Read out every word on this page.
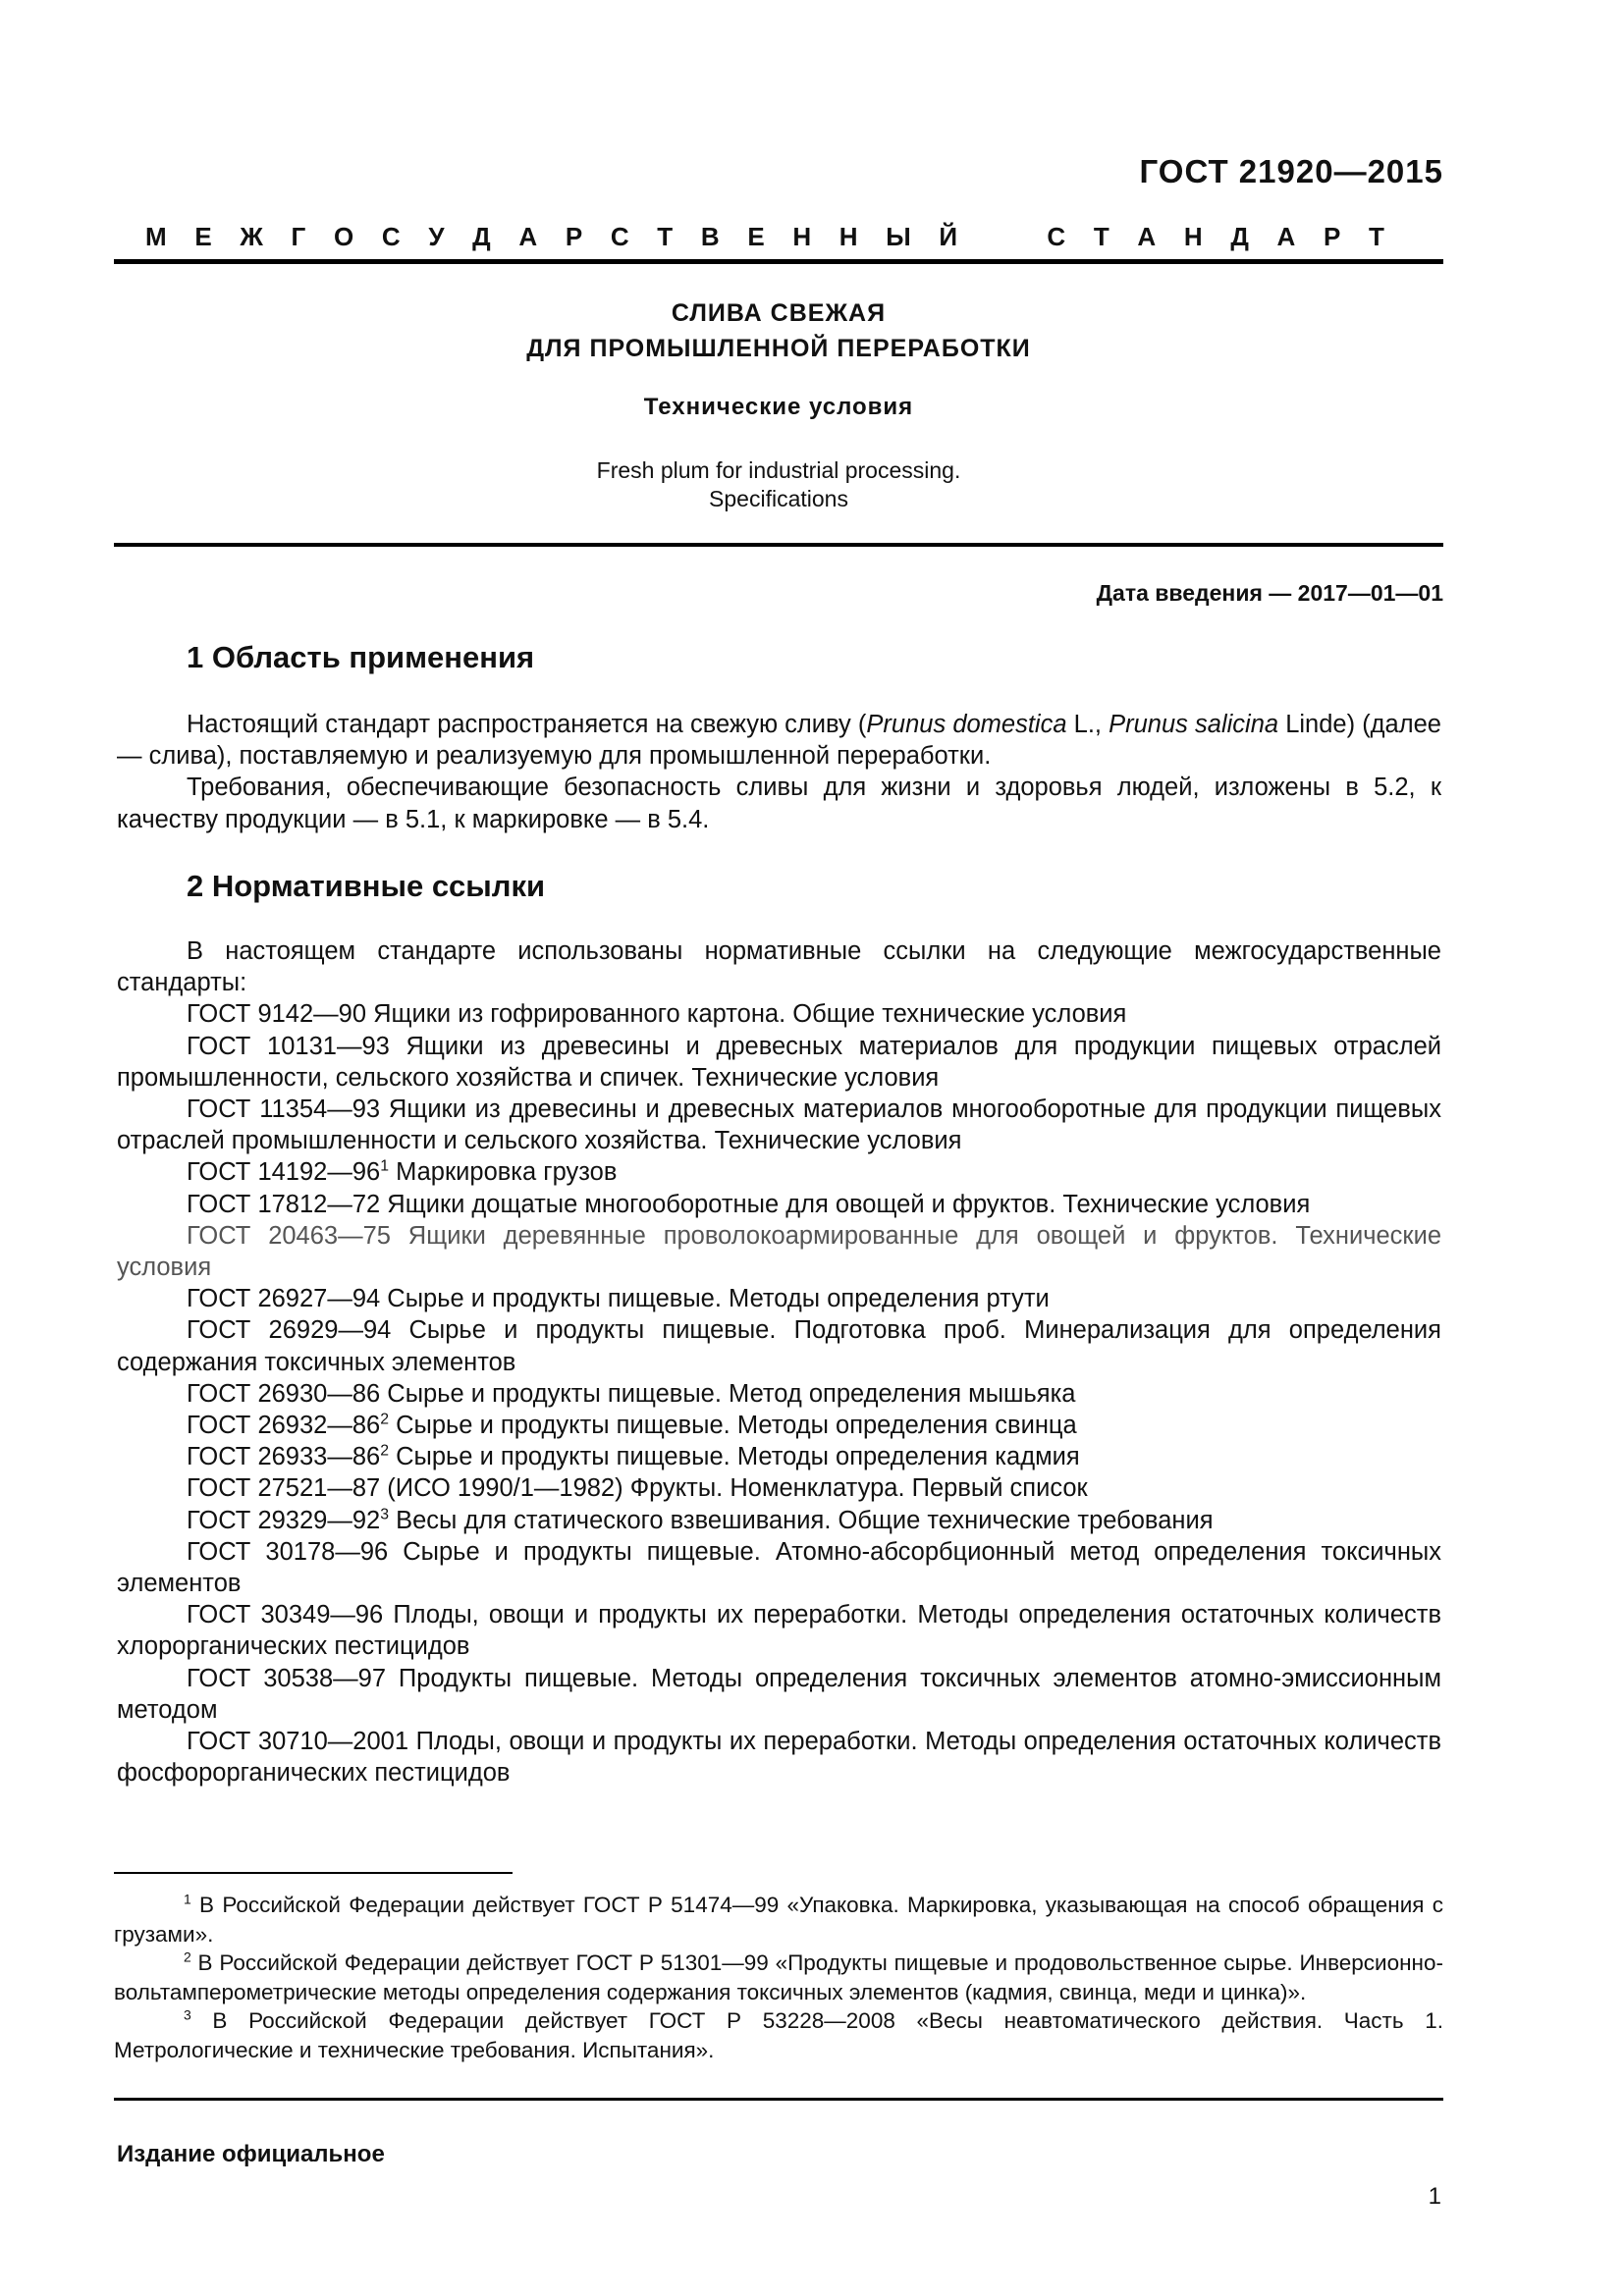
ГОСТ 21920—2015
М Е Ж Г О С У Д А Р С Т В Е Н Н Ы Й	С Т А Н Д А Р Т
СЛИВА СВЕЖАЯ
ДЛЯ ПРОМЫШЛЕННОЙ ПЕРЕРАБОТКИ
Технические условия
Fresh plum for industrial processing.
Specifications
Дата введения — 2017—01—01
1 Область применения

Настоящий стандарт распространяется на свежую сливу (Prunus domestica L., Prunus salicina Linde) (далее — слива), поставляемую и реализуемую для промышленной переработки.

Требования, обеспечивающие безопасность сливы для жизни и здоровья людей, изложены в 5.2, к качеству продукции — в 5.1, к маркировке — в 5.4.

2 Нормативные ссылки

В настоящем стандарте использованы нормативные ссылки на следующие межгосударственные стандарты:

ГОСТ 9142—90 Ящики из гофрированного картона. Общие технические условия

ГОСТ 10131—93 Ящики из древесины и древесных материалов для продукции пищевых отраслей промышленности, сельского хозяйства и спичек. Технические условия

ГОСТ 11354—93 Ящики из древесины и древесных материалов многооборотные для продукции пищевых отраслей промышленности и сельского хозяйства. Технические условия

ГОСТ $14192—96^1$ Маркировка грузов

ГОСТ 17812—72 Ящики дощатые многооборотные для овощей и фруктов. Технические условия

ГОСТ 20463—75 Ящики деревянные проволокоармированные для овощей и фруктов. Технические условия

ГОСТ 26927—94 Сырье и продукты пищевые. Методы определения ртути

ГОСТ 26929—94 Сырье и продукты пищевые. Подготовка проб. Минерализация для определения содержания токсичных элементов

ГОСТ 26930—86 Сырье и продукты пищевые. Метод определения мышьяка

ГОСТ $26932—86^2$ Сырье и продукты пищевые. Методы определения свинца

ГОСТ $26933—86^2$ Сырье и продукты пищевые. Методы определения кадмия

ГОСТ 27521—87 (ИСО 1990/1—1982) Фрукты. Номенклатура. Первый список

ГОСТ $29329—92^3$ Весы для статического взвешивания. Общие технические требования

ГОСТ 30178—96 Сырье и продукты пищевые. Атомно-абсорбционный метод определения токсичных элементов

ГОСТ 30349—96 Плоды, овощи и продукты их переработки. Методы определения остаточных количеств хлорорганических пестицидов

ГОСТ 30538—97 Продукты пищевые. Методы определения токсичных элементов атомно-эмиссионным методом

ГОСТ 30710—2001 Плоды, овощи и продукты их переработки. Методы определения остаточных количеств фосфорорганических пестицидов

$^1$ В Российской Федерации действует ГОСТ Р 51474—99 «Упаковка. Маркировка, указывающая на способ обращения с грузами».

$^2$ В Российской Федерации действует ГОСТ Р 51301—99 «Продукты пищевые и продовольственное сырье. Инверсионно-вольтамперометрические методы определения содержания токсичных элементов (кадмия, свинца, меди и цинка)».

$^3$ В Российской Федерации действует ГОСТ Р 53228—2008 «Весы неавтоматического действия. Часть 1. Метрологические и технические требования. Испытания».

Издание официальное
1
